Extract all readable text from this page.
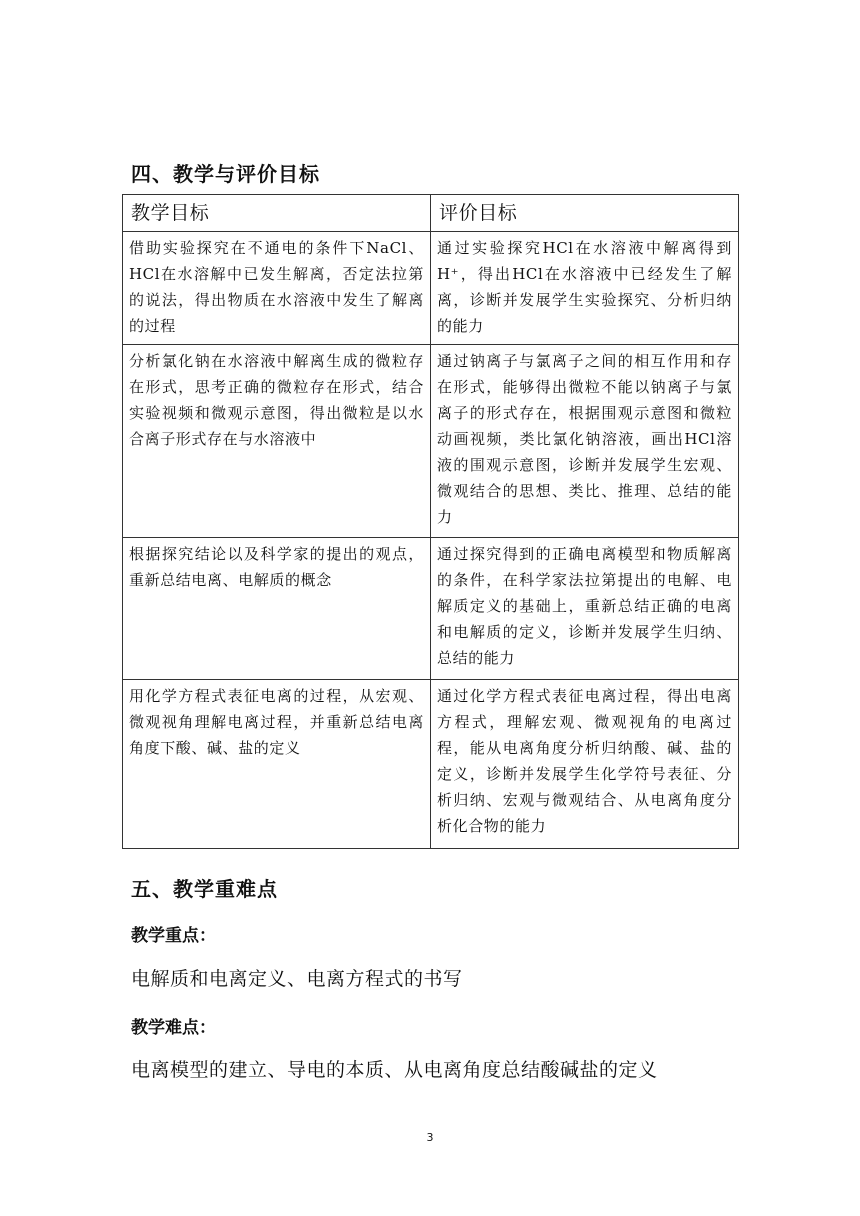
四、教学与评价目标
教学目标	评价目标
借助实验探究在不通电的条件下NaCl、HCl在水溶解中已发生解离，否定法拉第的说法，得出物质在水溶液中发生了解离的过程	通过实验探究HCl在水溶液中解离得到H⁺，得出HCl在水溶液中已经发生了解离，诊断并发展学生实验探究、分析归纳的能力
分析氯化钠在水溶液中解离生成的微粒存在形式，思考正确的微粒存在形式，结合实验视频和微观示意图，得出微粒是以水合离子形式存在与水溶液中	通过钠离子与氯离子之间的相互作用和存在形式，能够得出微粒不能以钠离子与氯离子的形式存在，根据围观示意图和微粒动画视频，类比氯化钠溶液，画出HCl溶液的围观示意图，诊断并发展学生宏观、微观结合的思想、类比、推理、总结的能力
根据探究结论以及科学家的提出的观点，重新总结电离、电解质的概念	通过探究得到的正确电离模型和物质解离的条件，在科学家法拉第提出的电解、电解质定义的基础上，重新总结正确的电离和电解质的定义，诊断并发展学生归纳、总结的能力
用化学方程式表征电离的过程，从宏观、微观视角理解电离过程，并重新总结电离角度下酸、碱、盐的定义	通过化学方程式表征电离过程，得出电离方程式，理解宏观、微观视角的电离过程，能从电离角度分析归纳酸、碱、盐的定义，诊断并发展学生化学符号表征、分析归纳、宏观与微观结合、从电离角度分析化合物的能力
五、教学重难点
教学重点：

电解质和电离定义、电离方程式的书写

教学难点：

电离模型的建立、导电的本质、从电离角度总结酸碱盐的定义

3
